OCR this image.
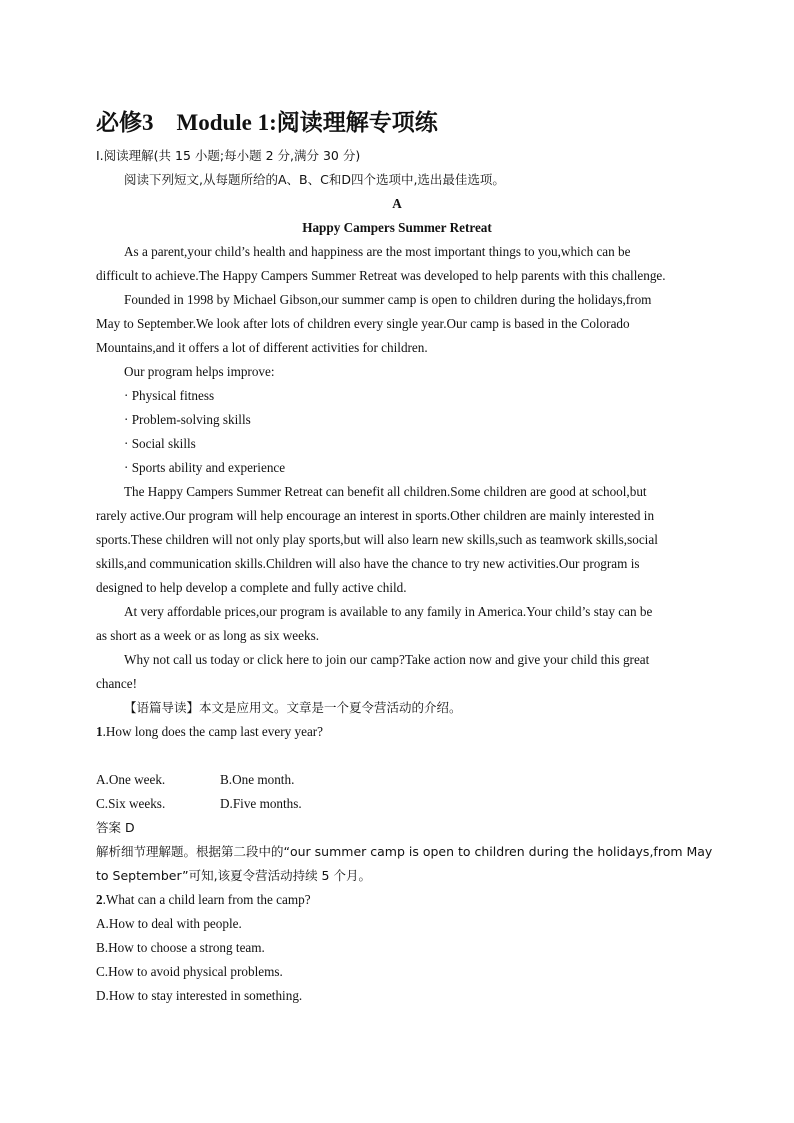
必修3　Module 1:阅读理解专项练
Ⅰ.阅读理解(共 15 小题;每小题 2 分,满分 30 分)
阅读下列短文,从每题所给的A、B、C和D四个选项中,选出最佳选项。
A
Happy Campers Summer Retreat
As a parent,your child’s health and happiness are the most important things to you,which can be
difficult to achieve.The Happy Campers Summer Retreat was developed to help parents with this challenge.
Founded in 1998 by Michael Gibson,our summer camp is open to children during the holidays,from
May to September.We look after lots of children every single year.Our camp is based in the Colorado
Mountains,and it offers a lot of different activities for children.
Our program helps improve:
· Physical fitness
· Problem-solving skills
· Social skills
· Sports ability and experience
The Happy Campers Summer Retreat can benefit all children.Some children are good at school,but
rarely active.Our program will help encourage an interest in sports.Other children are mainly interested in
sports.These children will not only play sports,but will also learn new skills,such as teamwork skills,social
skills,and communication skills.Children will also have the chance to try new activities.Our program is
designed to help develop a complete and fully active child.
At very affordable prices,our program is available to any family in America.Your child’s stay can be
as short as a week or as long as six weeks.
Why not call us today or click here to join our camp?Take action now and give your child this great
chance!
【语篇导读】本文是应用文。文章是一个夏令营活动的介绍。
1.How long does the camp last every year?
A.One week.	B.One month.
C.Six weeks.	D.Five months.
答案 D
解析细节理解题。根据第二段中的“our summer camp is open to children during the holidays,from May
to September”可知,该夏令营活动持续 5 个月。
2.What can a child learn from the camp?
A.How to deal with people.
B.How to choose a strong team.
C.How to avoid physical problems.
D.How to stay interested in something.
